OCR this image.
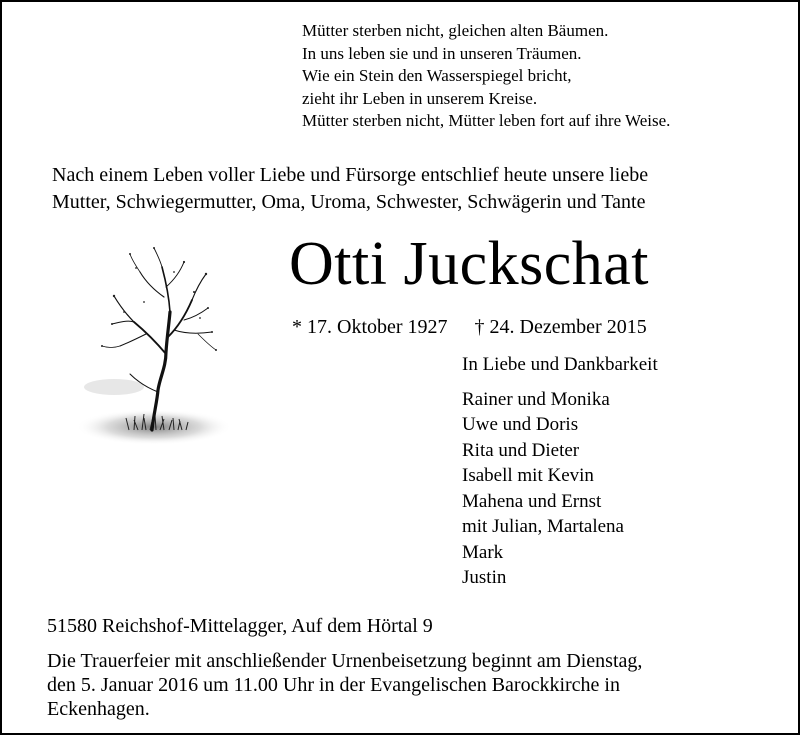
Mütter sterben nicht, gleichen alten Bäumen.
In uns leben sie und in unseren Träumen.
Wie ein Stein den Wasserspiegel bricht,
zieht ihr Leben in unserem Kreise.
Mütter sterben nicht, Mütter leben fort auf ihre Weise.
Nach einem Leben voller Liebe und Fürsorge entschlief heute unsere liebe
Mutter, Schwiegermutter, Oma, Uroma, Schwester, Schwägerin und Tante
Otti Juckschat
* 17. Oktober 1927 † 24. Dezember 2015
In Liebe und Dankbarkeit
Rainer und Monika
Uwe und Doris
Rita und Dieter
Isabell mit Kevin
Mahena und Ernst
mit Julian, Martalena
Mark
Justin
51580 Reichshof-Mittelagger, Auf dem Hörtal 9
Die Trauerfeier mit anschließender Urnenbeisetzung beginnt am Dienstag,
den 5. Januar 2016 um 11.00 Uhr in der Evangelischen Barockkirche in
Eckenhagen.
